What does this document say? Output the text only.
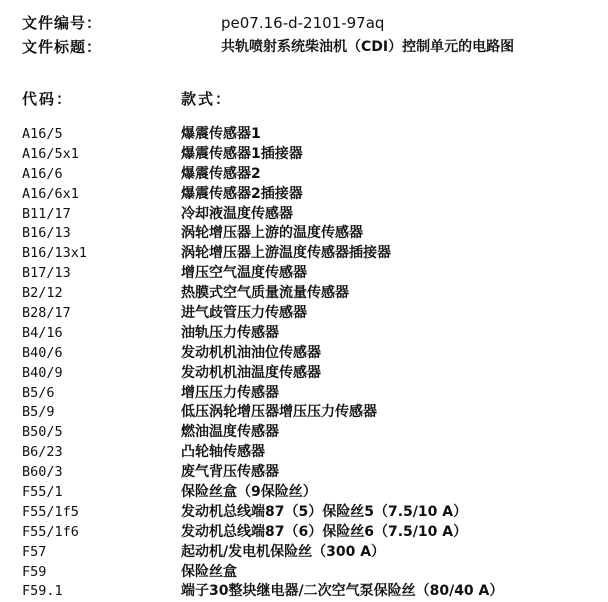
文件编号：	pe07.16-d-2101-97aq
文件标题：	共轨喷射系统柴油机（CDI）控制单元的电路图
代码：	款式：
A16/5	爆震传感器1
A16/5x1	爆震传感器1插接器
A16/6	爆震传感器2
A16/6x1	爆震传感器2插接器
B11/17	冷却液温度传感器
B16/13	涡轮增压器上游的温度传感器
B16/13x1	涡轮增压器上游温度传感器插接器
B17/13	增压空气温度传感器
B2/12	热膜式空气质量流量传感器
B28/17	进气歧管压力传感器
B4/16	油轨压力传感器
B40/6	发动机机油油位传感器
B40/9	发动机机油温度传感器
B5/6	增压压力传感器
B5/9	低压涡轮增压器增压压力传感器
B50/5	燃油温度传感器
B6/23	凸轮轴传感器
B60/3	废气背压传感器
F55/1	保险丝盒（9保险丝）
F55/1f5	发动机总线端87（5）保险丝5（7.5/10 A）
F55/1f6	发动机总线端87（6）保险丝6（7.5/10 A）
F57	起动机/发电机保险丝（300 A）
F59	保险丝盒
F59.1	端子30整块继电器/二次空气泵保险丝（80/40 A）
